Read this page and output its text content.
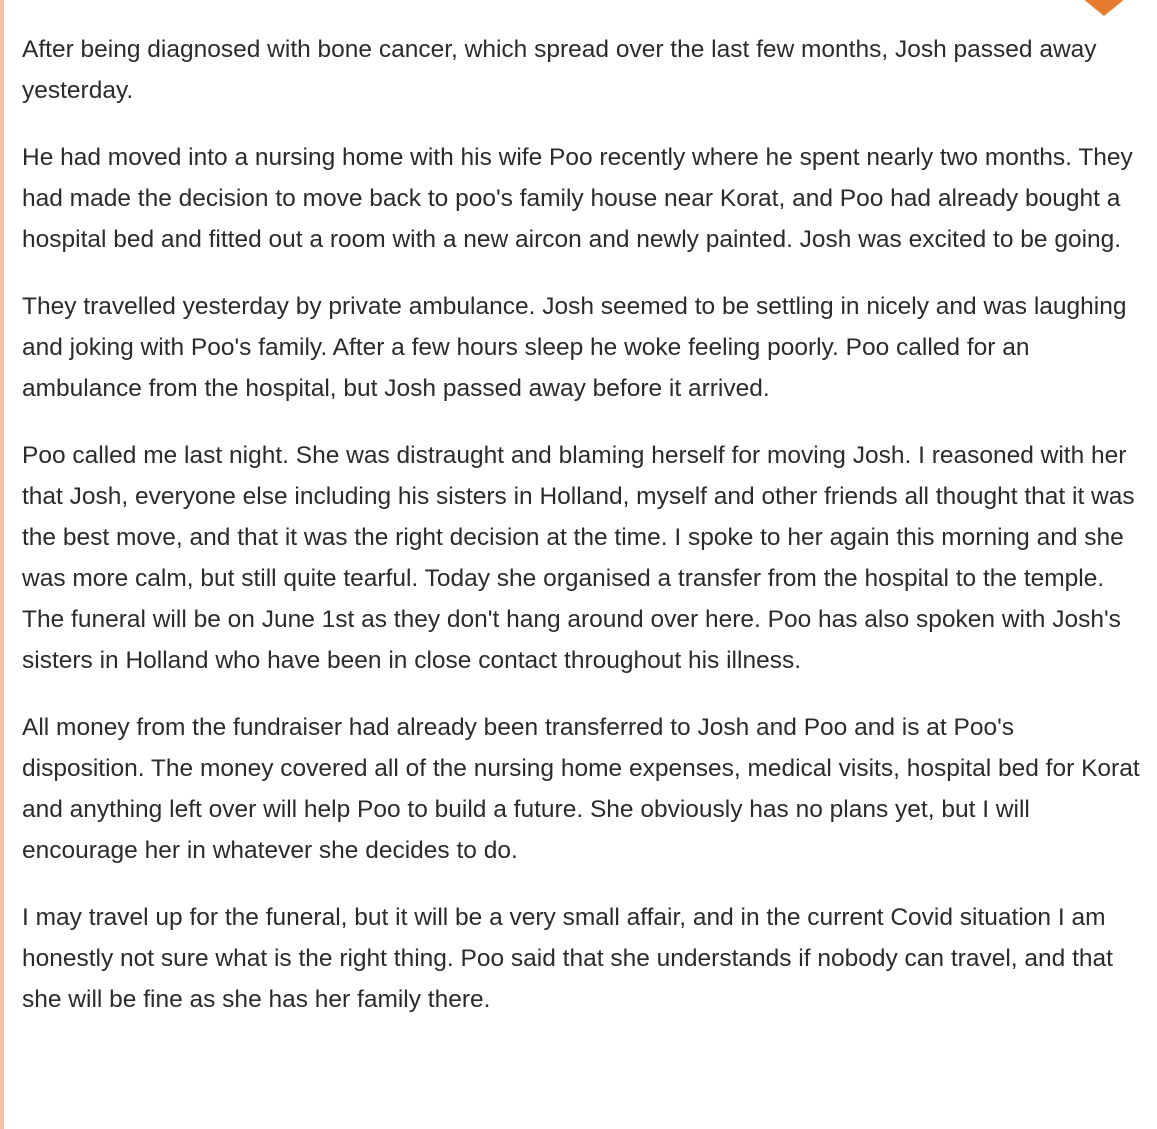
After being diagnosed with bone cancer, which spread over the last few months, Josh passed away yesterday.

He had moved into a nursing home with his wife Poo recently where he spent nearly two months. They had made the decision to move back to poo's family house near Korat, and Poo had already bought a hospital bed and fitted out a room with a new aircon and newly painted. Josh was excited to be going.

They travelled yesterday by private ambulance. Josh seemed to be settling in nicely and was laughing and joking with Poo's family. After a few hours sleep he woke feeling poorly. Poo called for an ambulance from the hospital, but Josh passed away before it arrived.

Poo called me last night. She was distraught and blaming herself for moving Josh. I reasoned with her that Josh, everyone else including his sisters in Holland, myself and other friends all thought that it was the best move, and that it was the right decision at the time. I spoke to her again this morning and she was more calm, but still quite tearful. Today she organised a transfer from the hospital to the temple. The funeral will be on June 1st as they don't hang around over here. Poo has also spoken with Josh's sisters in Holland who have been in close contact throughout his illness.

All money from the fundraiser had already been transferred to Josh and Poo and is at Poo's disposition. The money covered all of the nursing home expenses, medical visits, hospital bed for Korat and anything left over will help Poo to build a future. She obviously has no plans yet, but I will encourage her in whatever she decides to do.

I may travel up for the funeral, but it will be a very small affair, and in the current Covid situation I am honestly not sure what is the right thing. Poo said that she understands if nobody can travel, and that she will be fine as she has her family there.
